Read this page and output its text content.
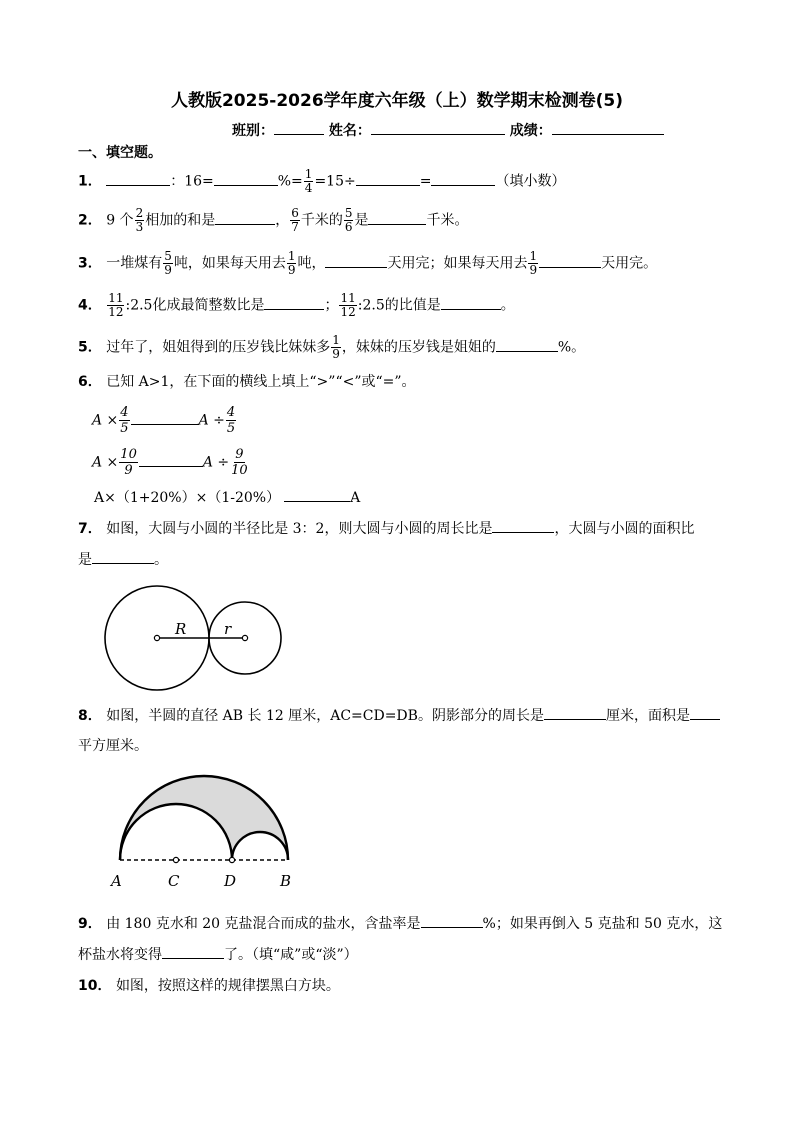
人教版2025-2026学年度六年级（上）数学期末检测卷(5)
班别：	姓名：	成绩：
一、填空题。
1．	：16=	%= $\frac{1}{4} =15\div$	=	（填小数）
2． 9 个 $\frac{2}{3}$ 相加的和是	， $\frac{6}{7}$ 千米的 $\frac{5}{6}$ 是	千米。
3． 一堆煤有 $\frac{5}{9}$ 吨，如果每天用去 $\frac{1}{9}$ 吨，	天用完；如果每天用去 $\frac{1}{9}$	天用完。
4． $\frac{11}{12}$ :2.5化成最简整数比是	； $\frac{11}{12}$ :2.5的比值是	。
5． 过年了，姐姐得到的压岁钱比妹妹多 $\frac{1}{9}$ ，妹妹的压岁钱是姐姐的	%。
6． 已知 A>1，在下面的横线上填上“>”“<”或“=”。
$A \times \frac{4}{5}$	$A \div \frac{4}{5}$
$A \times \frac{10}{9}$	$A \div \frac{9}{10}$
A×（1+20%）×（1-20%）	A
7． 如图，大圆与小圆的半径比是 3：2，则大圆与小圆的周长比是	，大圆与小圆的面积比
是	。
R	r
8． 如图，半圆的直径 AB 长 12 厘米，AC=CD=DB。阴影部分的周长是	厘米，面积是
平方厘米。
A	C	D	B
9． 由 180 克水和 20 克盐混合而成的盐水，含盐率是	%；如果再倒入 5 克盐和 50 克水，这
杯盐水将变得	了。（填“咸”或“淡”）
10． 如图，按照这样的规律摆黑白方块。
